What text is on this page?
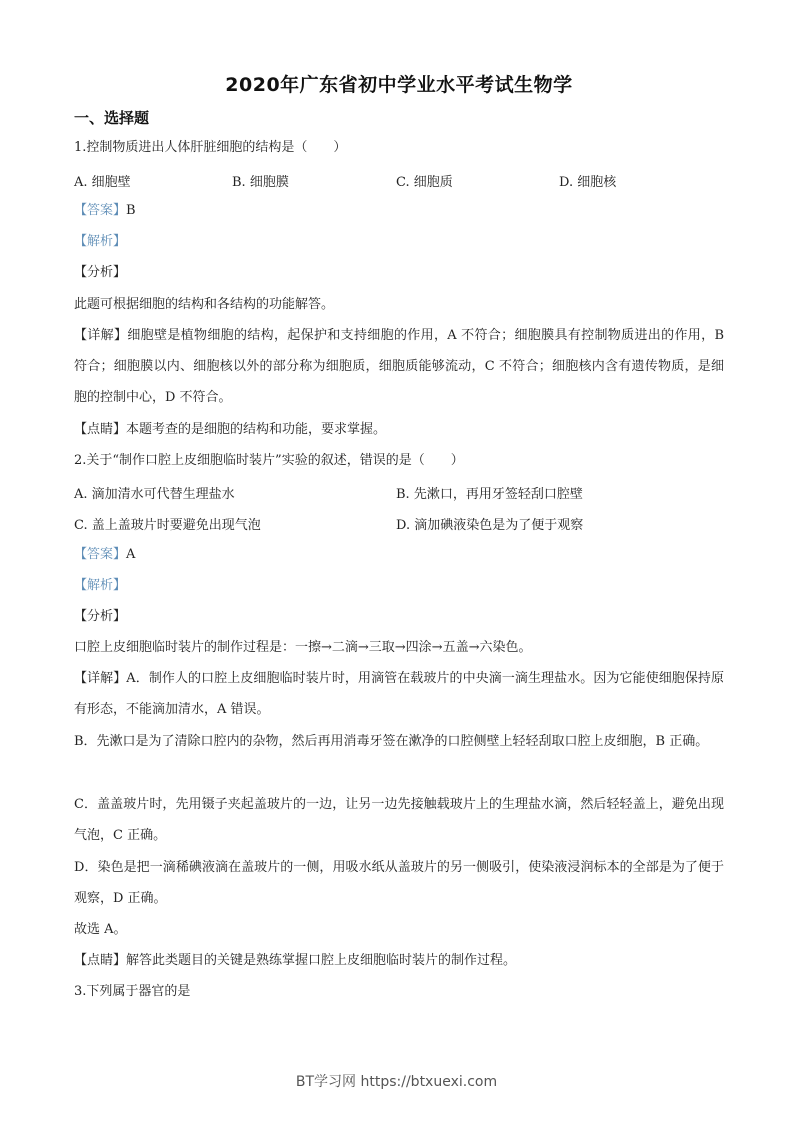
2020年广东省初中学业水平考试生物学
一、选择题
1.控制物质进出人体肝脏细胞的结构是（　　）
A. 细胞壁	B. 细胞膜	C. 细胞质	D. 细胞核
【答案】B
【解析】
【分析】
此题可根据细胞的结构和各结构的功能解答。
【详解】细胞壁是植物细胞的结构，起保护和支持细胞的作用，A 不符合；细胞膜具有控制物质进出的作用，B 符合；细胞膜以内、细胞核以外的部分称为细胞质，细胞质能够流动，C 不符合；细胞核内含有遗传物质，是细胞的控制中心，D 不符合。
【点睛】本题考查的是细胞的结构和功能，要求掌握。
2.关于“制作口腔上皮细胞临时装片”实验的叙述，错误的是（　　）
A. 滴加清水可代替生理盐水	B. 先漱口，再用牙签轻刮口腔壁
C. 盖上盖玻片时要避免出现气泡	D. 滴加碘液染色是为了便于观察
【答案】A
【解析】
【分析】
口腔上皮细胞临时装片的制作过程是：一擦→二滴→三取→四涂→五盖→六染色。
【详解】A．制作人的口腔上皮细胞临时装片时，用滴管在载玻片的中央滴一滴生理盐水。因为它能使细胞保持原有形态，不能滴加清水，A 错误。
B．先漱口是为了清除口腔内的杂物，然后再用消毒牙签在漱净的口腔侧壁上轻轻刮取口腔上皮细胞，B 正确。
C．盖盖玻片时，先用镊子夹起盖玻片的一边，让另一边先接触载玻片上的生理盐水滴，然后轻轻盖上，避免出现气泡，C 正确。
D．染色是把一滴稀碘液滴在盖玻片的一侧，用吸水纸从盖玻片的另一侧吸引，使染液浸润标本的全部是为了便于观察，D 正确。
故选 A。
【点睛】解答此类题目的关键是熟练掌握口腔上皮细胞临时装片的制作过程。
3.下列属于器官的是
BT学习网 https://btxuexi.com
